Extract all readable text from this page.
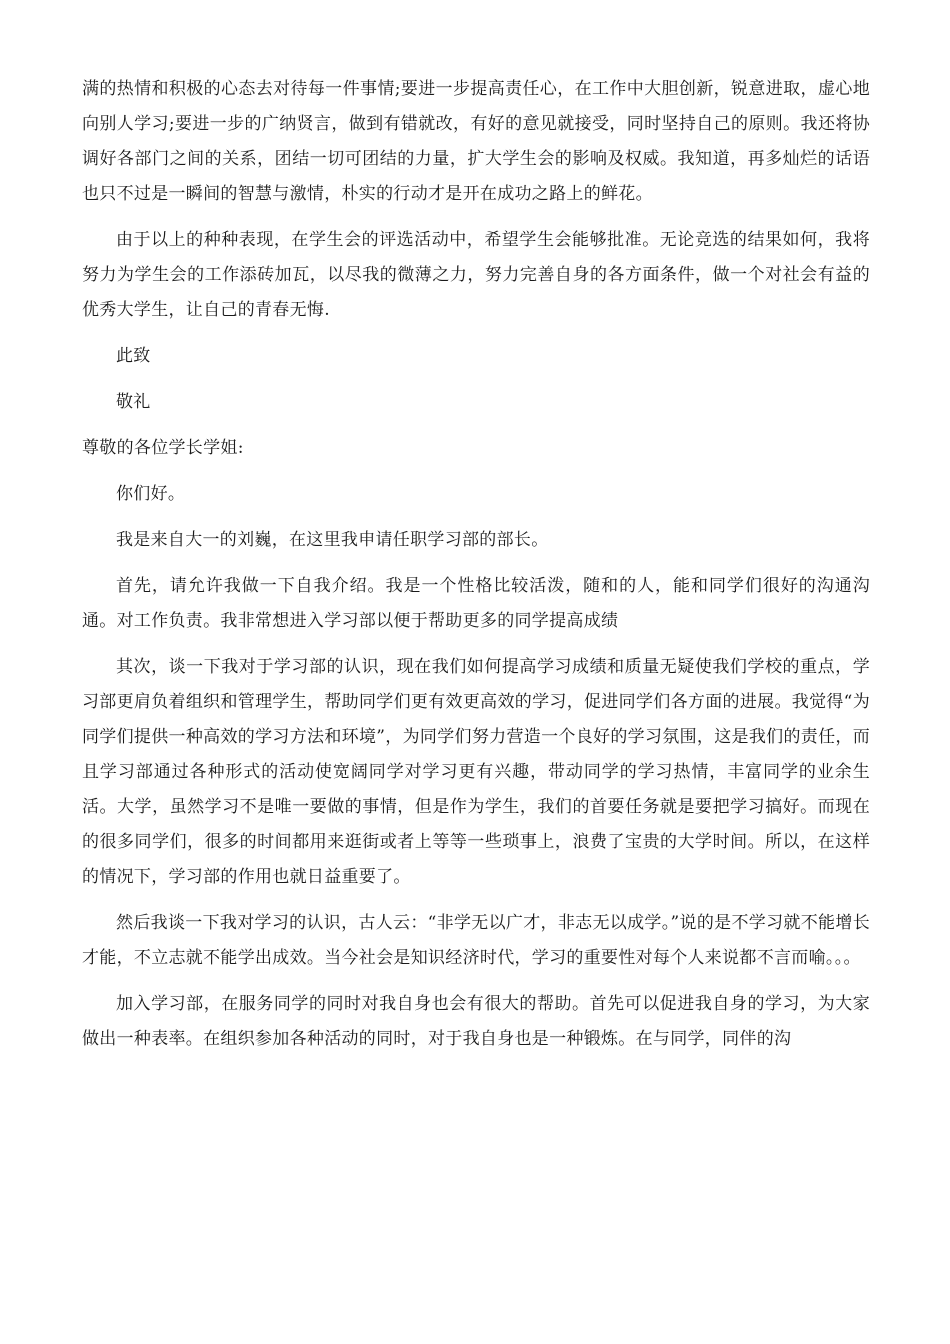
满的热情和积极的心态去对待每一件事情;要进一步提高责任心，在工作中大胆创新，锐意进取，虚心地向别人学习;要进一步的广纳贤言，做到有错就改，有好的意见就接受，同时坚持自己的原则。我还将协调好各部门之间的关系，团结一切可团结的力量，扩大学生会的影响及权威。我知道，再多灿烂的话语也只不过是一瞬间的智慧与激情，朴实的行动才是开在成功之路上的鲜花。

由于以上的种种表现，在学生会的评选活动中，希望学生会能够批准。无论竞选的结果如何，我将努力为学生会的工作添砖加瓦，以尽我的微薄之力，努力完善自身的各方面条件，做一个对社会有益的优秀大学生，让自己的青春无悔.

此致

敬礼

尊敬的各位学长学姐:

你们好。

我是来自大一的刘巍，在这里我申请任职学习部的部长。

首先，请允许我做一下自我介绍。我是一个性格比较活泼，随和的人，能和同学们很好的沟通沟通。对工作负责。我非常想进入学习部以便于帮助更多的同学提高成绩

其次，谈一下我对于学习部的认识，现在我们如何提高学习成绩和质量无疑使我们学校的重点，学习部更肩负着组织和管理学生，帮助同学们更有效更高效的学习，促进同学们各方面的进展。我觉得“为同学们提供一种高效的学习方法和环境”，为同学们努力营造一个良好的学习氛围，这是我们的责任，而且学习部通过各种形式的活动使宽阔同学对学习更有兴趣，带动同学的学习热情，丰富同学的业余生活。大学，虽然学习不是唯一要做的事情，但是作为学生，我们的首要任务就是要把学习搞好。而现在的很多同学们，很多的时间都用来逛街或者上等等一些琐事上，浪费了宝贵的大学时间。所以，在这样的情况下，学习部的作用也就日益重要了。

然后我谈一下我对学习的认识，古人云：“非学无以广才，非志无以成学。”说的是不学习就不能增长才能，不立志就不能学出成效。当今社会是知识经济时代，学习的重要性对每个人来说都不言而喻。。。

加入学习部，在服务同学的同时对我自身也会有很大的帮助。首先可以促进我自身的学习，为大家做出一种表率。在组织参加各种活动的同时，对于我自身也是一种锻炼。在与同学，同伴的沟
